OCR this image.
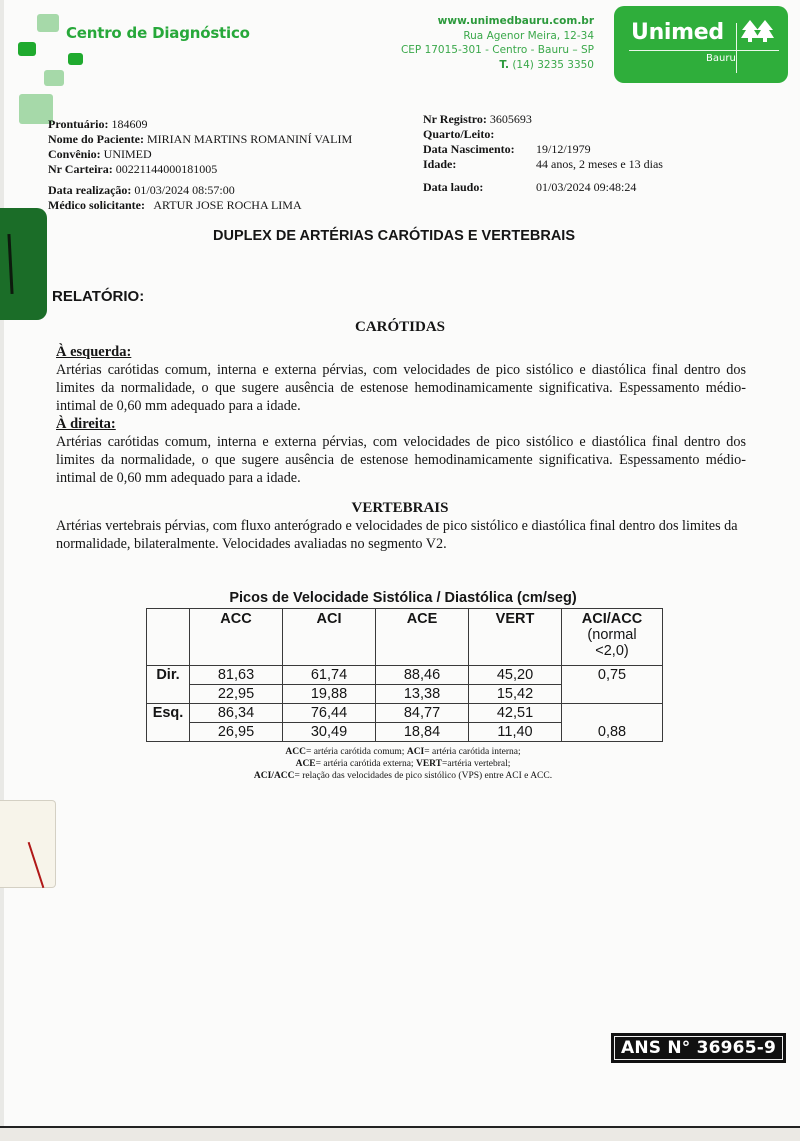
Centro de Diagnóstico
www.unimedbauru.com.br
Rua Agenor Meira, 12-34
CEP 17015-301 - Centro - Bauru – SP
T. (14) 3235 3350
Unimed
Bauru
Prontuário: 184609
Nome do Paciente: MIRIAN MARTINS ROMANINÍ VALIM
Convênio: UNIMED
Nr Carteira: 00221144000181005
Data realização: 01/03/2024 08:57:00
Médico solicitante: ARTUR JOSE ROCHA LIMA
Nr Registro: 3605693
Quarto/Leito:
Data Nascimento:	19/12/1979
Idade:	44 anos, 2 meses e 13 dias
Data laudo:	01/03/2024 09:48:24
DUPLEX DE ARTÉRIAS CARÓTIDAS E VERTEBRAIS
RELATÓRIO:
CARÓTIDAS
À esquerda:
Artérias carótidas comum, interna e externa pérvias, com velocidades de pico sistólico e diastólica final dentro dos limites da normalidade, o que sugere ausência de estenose hemodinamicamente significativa. Espessamento médio-intimal de 0,60 mm adequado para a idade.
À direita:
Artérias carótidas comum, interna e externa pérvias, com velocidades de pico sistólico e diastólica final dentro dos limites da normalidade, o que sugere ausência de estenose hemodinamicamente significativa. Espessamento médio-intimal de 0,60 mm adequado para a idade.
VERTEBRAIS
Artérias vertebrais pérvias, com fluxo anterógrado e velocidades de pico sistólico e diastólica final dentro dos limites da normalidade, bilateralmente. Velocidades avaliadas no segmento V2.
Picos de Velocidade Sistólica / Diastólica (cm/seg)
	ACC	ACI	ACE	VERT	ACI/ACC
(normal
<2,0)

Dir.	81,63	61,74	88,46	45,20	0,75
	22,95	19,88	13,38	15,42	
Esq.	86,34	76,44	84,77	42,51	0,88
	26,95	30,49	18,84	11,40	
ACC= artéria carótida comum; ACI= artéria carótida interna;
ACE= artéria carótida externa; VERT=artéria vertebral;
ACI/ACC= relação das velocidades de pico sistólico (VPS) entre ACI e ACC.
ANS N° 36965-9
